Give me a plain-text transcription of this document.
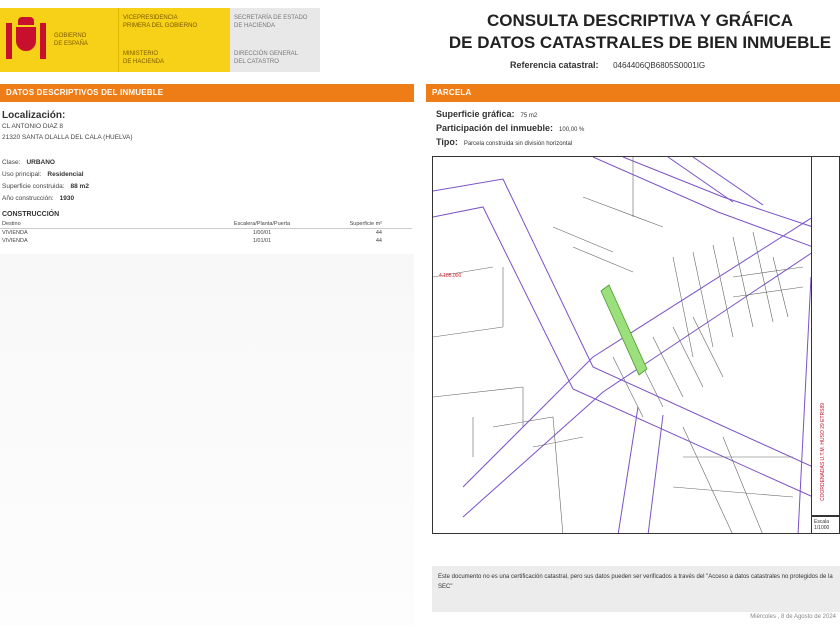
GOBIERNO
DE ESPAÑA
VICEPRESIDENCIA
PRIMERA DEL GOBIERNO
MINISTERIO
DE HACIENDA
SECRETARÍA DE ESTADO
DE HACIENDA
DIRECCIÓN GENERAL
DEL CATASTRO
CONSULTA DESCRIPTIVA Y GRÁFICA
DE DATOS CATASTRALES DE BIEN INMUEBLE
Referencia catastral: 0464406QB6805S0001IG
DATOS DESCRIPTIVOS DEL INMUEBLE	PARCELA
Localización:
CL ANTONIO DIAZ 8
21320 SANTA OLALLA DEL CALA (HUELVA)
Clase: URBANO
Uso principal: Residencial
Superficie construida: 88 m2
Año construcción: 1930
CONSTRUCCIÓN
Destino	Escalera/Planta/Puerta	Superficie m²
VIVIENDA	1/00/01	44
VIVIENDA	1/01/01	44
Superficie gráfica: 75 m2
Participación del inmueble: 100,00 %
Tipo: Parcela construida sin división horizontal
4.185.000
COORDENADAS U.T.M. HUSO 29 ETRS89
Escala 1/1000
Este documento no es una certificación catastral, pero sus datos pueden ser verificados a través del "Acceso a datos catastrales no protegidos de la SEC"
Miércoles , 8 de Agosto de 2024
